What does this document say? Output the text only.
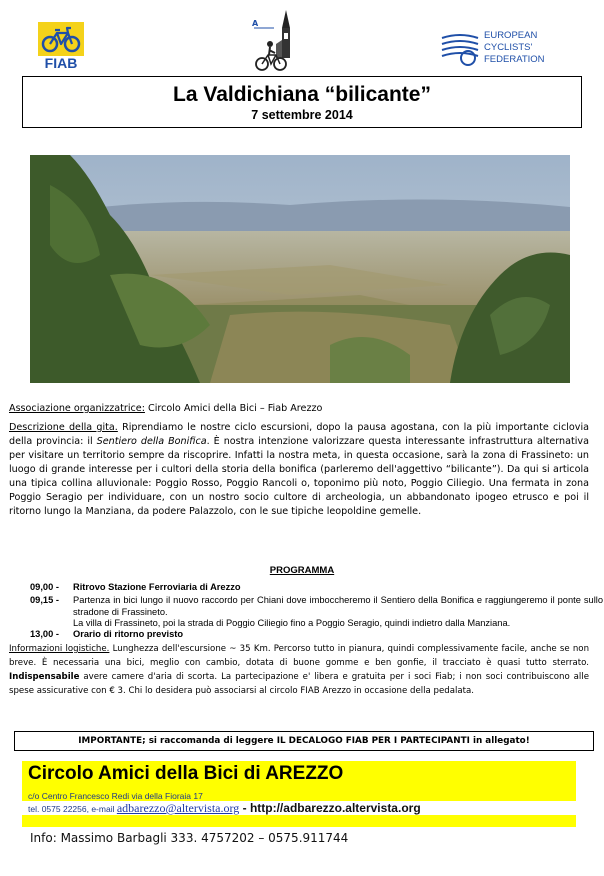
FIAB
A
EUROPEAN
CYCLISTS'
FEDERATION
La Valdichiana “bilicante”
7 settembre 2014
Associazione organizzatrice: Circolo Amici della Bici – Fiab Arezzo
Descrizione della gita. Riprendiamo le nostre ciclo escursioni, dopo la pausa agostana, con la più importante ciclovia della provincia: il Sentiero della Bonifica. È nostra intenzione valorizzare questa interessante infrastruttura alternativa per visitare un territorio sempre da riscoprire. Infatti la nostra meta, in questa occasione, sarà la zona di Frassineto: un luogo di grande interesse per i cultori della storia della bonifica (parleremo dell'aggettivo “bilicante”). Da qui si articola una tipica collina alluvionale: Poggio Rosso, Poggio Rancoli o, toponimo più noto, Poggio Ciliegio. Una fermata in zona Poggio Seragio per individuare, con un nostro socio cultore di archeologia, un abbandonato ipogeo etrusco e poi il ritorno lungo la Manziana, da podere Palazzolo, con le sue tipiche leopoldine gemelle.
PROGRAMMA
09,00 - Ritrovo Stazione Ferroviaria di Arezzo
09,15 - Partenza in bici lungo il nuovo raccordo per Chiani dove imboccheremo il Sentiero della Bonifica e raggiungeremo il ponte sullo stradone di Frassineto.
La villa di Frassineto, poi la strada di Poggio Ciliegio fino a Poggio Seragio, quindi indietro dalla Manziana.
13,00 - Orario di ritorno previsto
Informazioni logistiche. Lunghezza dell'escursione ~ 35 Km. Percorso tutto in pianura, quindi complessivamente facile, anche se non breve. È necessaria una bici, meglio con cambio, dotata di buone gomme e ben gonfie, il tracciato è quasi tutto sterrato. Indispensabile avere camere d'aria di scorta. La partecipazione e' libera e gratuita per i soci Fiab; i non soci contribuiscono alle spese assicurative con € 3. Chi lo desidera può associarsi al circolo FIAB Arezzo in occasione della pedalata.
IMPORTANTE; si raccomanda di leggere IL DECALOGO FIAB PER I PARTECIPANTI in allegato!
Circolo Amici della Bici di AREZZO
c/o Centro Francesco Redi via della Fioraia 17
tel. 0575 22256, e-mail adbarezzo@altervista.org - http://adbarezzo.altervista.org
Info: Massimo Barbagli 333. 4757202 – 0575.911744
